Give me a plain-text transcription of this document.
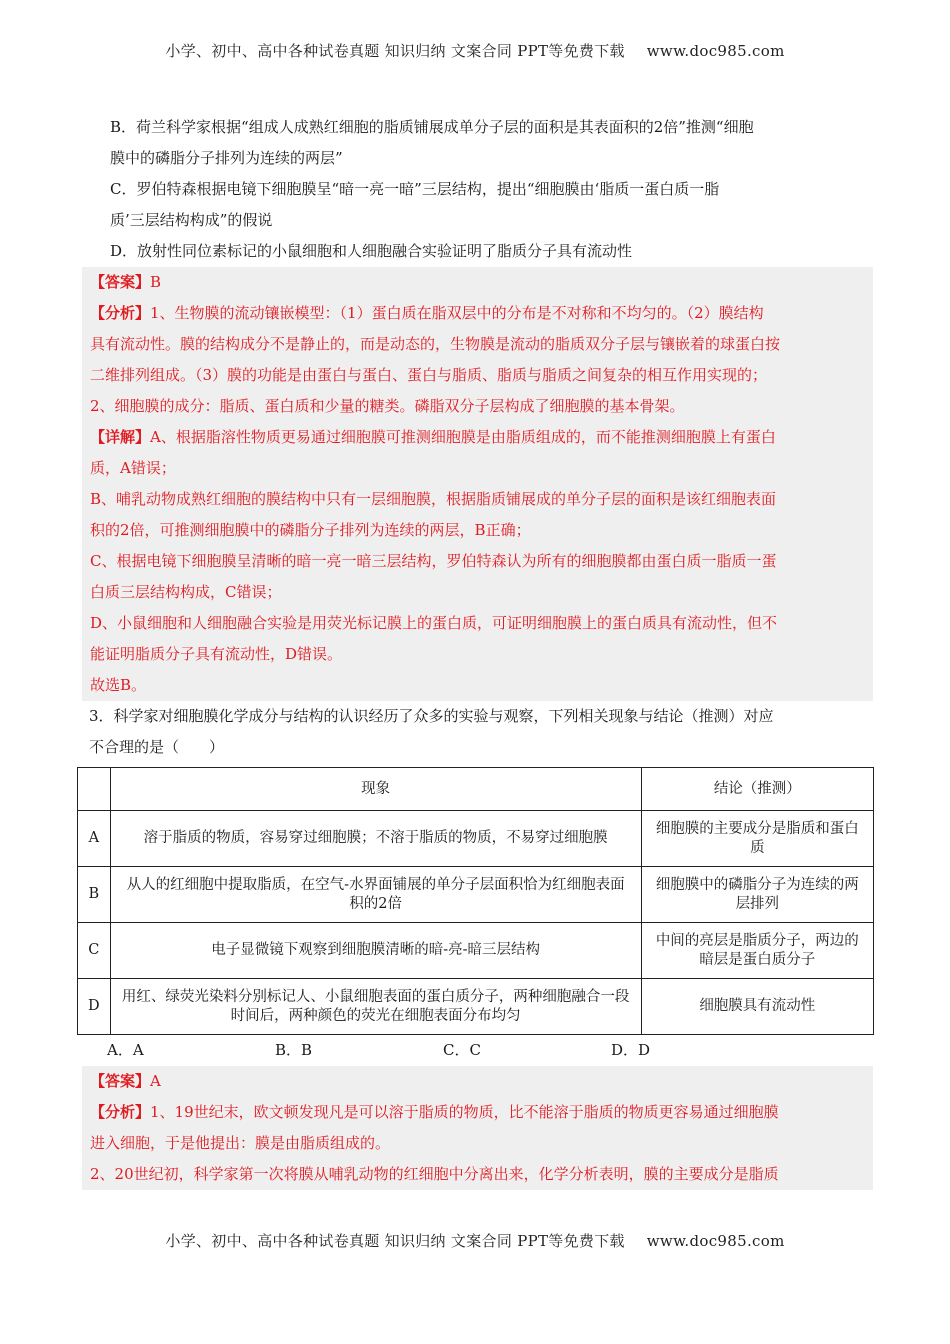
小学、初中、高中各种试卷真题 知识归纳 文案合同 PPT等免费下载 www.doc985.com

B．荷兰科学家根据“组成人成熟红细胞的脂质铺展成单分子层的面积是其表面积的2倍”推测“细胞

膜中的磷脂分子排列为连续的两层”

C．罗伯特森根据电镜下细胞膜呈“暗一亮一暗”三层结构，提出“细胞膜由‘脂质一蛋白质一脂

质’三层结构构成”的假说

D．放射性同位素标记的小鼠细胞和人细胞融合实验证明了脂质分子具有流动性

【答案】B
【分析】1、生物膜的流动镶嵌模型：（1）蛋白质在脂双层中的分布是不对称和不均匀的。（2）膜结构
具有流动性。膜的结构成分不是静止的，而是动态的，生物膜是流动的脂质双分子层与镶嵌着的球蛋白按
二维排列组成。（3）膜的功能是由蛋白与蛋白、蛋白与脂质、脂质与脂质之间复杂的相互作用实现的；
2、细胞膜的成分：脂质、蛋白质和少量的糖类。磷脂双分子层构成了细胞膜的基本骨架。
【详解】A、根据脂溶性物质更易通过细胞膜可推测细胞膜是由脂质组成的，而不能推测细胞膜上有蛋白
质，A错误；
B、哺乳动物成熟红细胞的膜结构中只有一层细胞膜，根据脂质铺展成的单分子层的面积是该红细胞表面
积的2倍，可推测细胞膜中的磷脂分子排列为连续的两层，B正确；
C、根据电镜下细胞膜呈清晰的暗一亮一暗三层结构，罗伯特森认为所有的细胞膜都由蛋白质一脂质一蛋
白质三层结构构成，C错误；
D、小鼠细胞和人细胞融合实验是用荧光标记膜上的蛋白质，可证明细胞膜上的蛋白质具有流动性，但不
能证明脂质分子具有流动性，D错误。
故选B。

3．科学家对细胞膜化学成分与结构的认识经历了众多的实验与观察，下列相关现象与结论（推测）对应

不合理的是（　　）

	现象	结论（推测）
A	溶于脂质的物质，容易穿过细胞膜；不溶于脂质的物质，不易穿过细胞膜	细胞膜的主要成分是脂质和蛋白质
B	从人的红细胞中提取脂质，在空气-水界面铺展的单分子层面积恰为红细胞表面积的2倍	细胞膜中的磷脂分子为连续的两层排列
C	电子显微镜下观察到细胞膜清晰的暗-亮-暗三层结构	中间的亮层是脂质分子，两边的暗层是蛋白质分子
D	用红、绿荧光染料分别标记人、小鼠细胞表面的蛋白质分子，两种细胞融合一段时间后，两种颜色的荧光在细胞表面分布均匀	细胞膜具有流动性
A．A	B．B	C．C	D．D
【答案】A
【分析】1、19世纪末，欧文顿发现凡是可以溶于脂质的物质，比不能溶于脂质的物质更容易通过细胞膜
进入细胞，于是他提出：膜是由脂质组成的。
2、20世纪初，科学家第一次将膜从哺乳动物的红细胞中分离出来，化学分析表明，膜的主要成分是脂质
小学、初中、高中各种试卷真题 知识归纳 文案合同 PPT等免费下载 www.doc985.com
